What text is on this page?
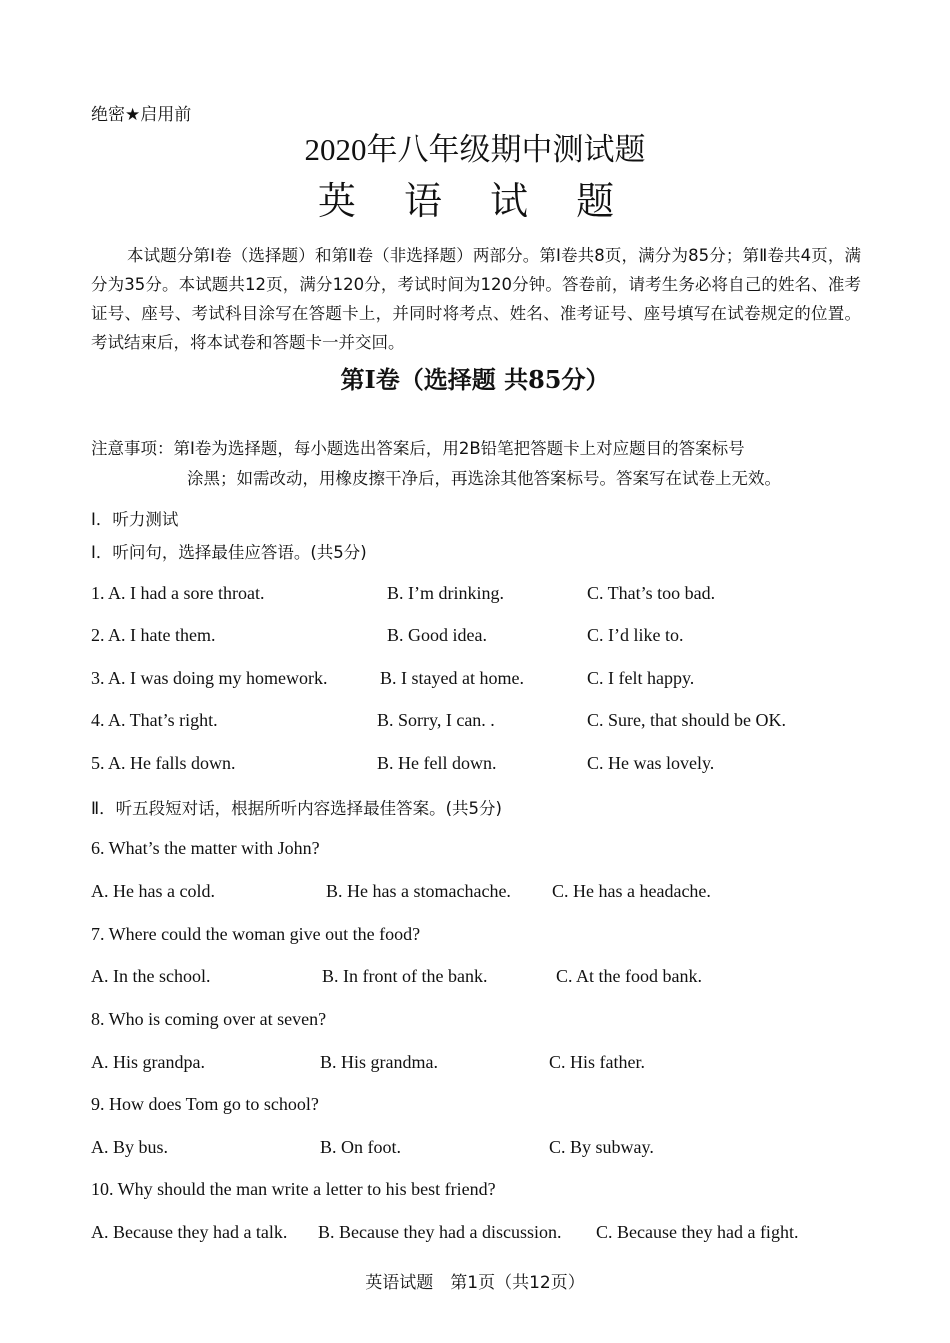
绝密★启用前
2020年八年级期中测试题
英 语 试 题
本试题分第Ⅰ卷（选择题）和第Ⅱ卷（非选择题）两部分。第Ⅰ卷共8页，满分为85分；第Ⅱ卷共4页，满分为35分。本试题共12页，满分120分，考试时间为120分钟。答卷前，请考生务必将自己的姓名、准考证号、座号、考试科目涂写在答题卡上，并同时将考点、姓名、准考证号、座号填写在试卷规定的位置。考试结束后，将本试卷和答题卡一并交回。
第Ⅰ卷（选择题 共85分）
注意事项：第Ⅰ卷为选择题，每小题选出答案后，用2B铅笔把答题卡上对应题目的答案标号
涂黑；如需改动，用橡皮擦干净后，再选涂其他答案标号。答案写在试卷上无效。
I．听力测试
Ⅰ．听问句，选择最佳应答语。(共5分)
1. A. I had a sore throat.	B. I’m drinking.	C. That’s too bad.
2. A. I hate them.	B. Good idea.	C. I’d like to.
3. A. I was doing my homework.	B. I stayed at home.	C. I felt happy.
4. A. That’s right.	B. Sorry, I can. .	C. Sure, that should be OK.
5. A. He falls down.	B. He fell down.	C. He was lovely.
Ⅱ．听五段短对话，根据所听内容选择最佳答案。(共5分)
6. What’s the matter with John?
A. He has a cold.	B. He has a stomachache. C. He has a headache.
7. Where could the woman give out the food?
A. In the school.	B. In front of the bank.	C. At the food bank.
8. Who is coming over at seven?
A. His grandpa.	B. His grandma.	C. His father.
9. How does Tom go to school?
A. By bus.	B. On foot.	C. By subway.
10. Why should the man write a letter to his best friend?
A. Because they had a talk. B. Because they had a discussion. C. Because they had a fight.
英语试题　第1页（共12页）
